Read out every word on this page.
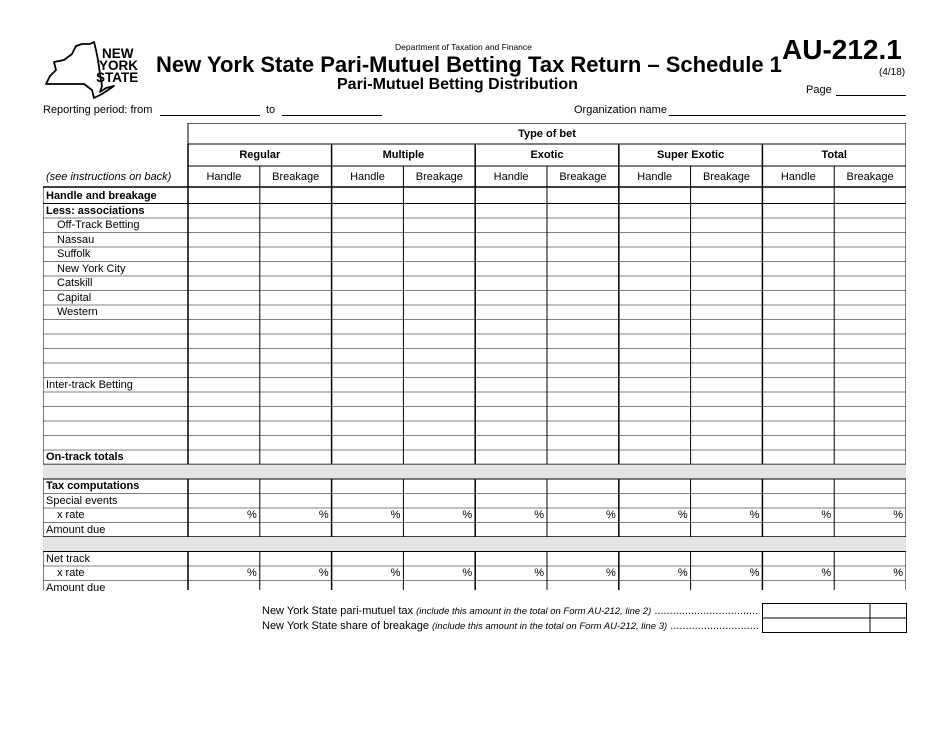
NEW
YORK
STATE
Department of Taxation and Finance
New York State Pari-Mutuel Betting Tax Return – Schedule 1
Pari-Mutuel Betting Distribution
AU-212.1
(4/18)
Page
Reporting period: from	to	Organization name
Type of bet
Regular
Handle	Breakage
Multiple
Handle	Breakage
Exotic
Handle	Breakage
Super Exotic
Handle	Breakage
Total
Handle	Breakage
(see instructions on back)
Handle and breakage
Less: associations
Off-Track Betting
Nassau
Suffolk
New York City
Catskill
Capital
Western
Inter-track Betting
On-track totals
Tax computations
Special events
x rate	%	%	%	%	%	%	%	%	%	%
Amount due
Net track
x rate	%	%	%	%	%	%	%	%	%	%
Amount due
New York State pari-mutuel tax (include this amount in the total on Form AU-212, line 2) ..................................
New York State share of breakage (include this amount in the total on Form AU-212, line 3) .............................
